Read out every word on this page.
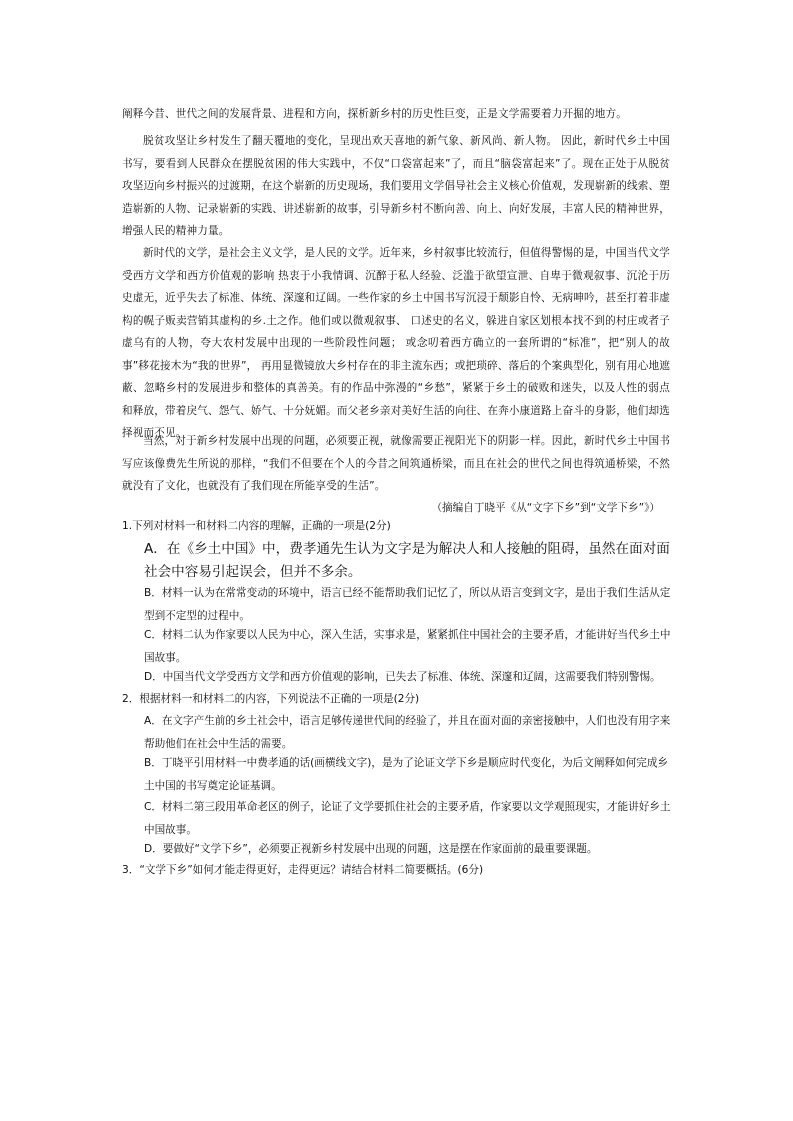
阐释今昔、世代之间的发展背景、进程和方向，探析新乡村的历史性巨变，正是文学需要着力开掘的地方。

脱贫攻坚让乡村发生了翻天覆地的变化，呈现出欢天喜地的新气象、新风尚、新人物。 因此，新时代乡土中国书写，要看到人民群众在摆脱贫困的伟大实践中，不仅“口袋富起来”了，而且“脑袋富起来”了。现在正处于从脱贫攻坚迈向乡村振兴的过渡期，在这个崭新的历史现场，我们要用文学倡导社会主义核心价值观，发现崭新的线索、塑造崭新的人物、记录崭新的实践、讲述崭新的故事，引导新乡村不断向善、向上、向好发展，丰富人民的精神世界，增强人民的精神力量。

新时代的文学，是社会主义文学，是人民的文学。近年来，乡村叙事比较流行，但值得警惕的是，中国当代文学受西方文学和西方价值观的影响 热衷于小我情调、沉醉于私人经验、泛滥于欲望宣泄、自卑于微观叙事、沉沦于历史虚无，近乎失去了标准、体统、深邃和辽阔。一些作家的乡土中国书写沉浸于颓影自怜、无病呻吟，甚至打着非虚构的幌子贩卖营销其虚构的乡.土之作。他们或以微观叙事、 口述史的名义，躲进自家区划根本找不到的村庄或者子虚乌有的人物，夸大农村发展中出现的一些阶段性问题； 或念叨着西方确立的一套所谓的“标准”，把“别人的故事”移花接木为“我的世界”， 再用显微镜放大乡村存在的非主流东西；或把琐碎、落后的个案典型化，别有用心地遮蔽、忽略乡村的发展进步和整体的真善美。有的作品中弥漫的“乡愁”，紧紧于乡土的破败和迷失，以及人性的弱点和释放，带着戾气、怨气、娇气、十分妩媚。而父老乡亲对美好生活的向往、在奔小康道路上奋斗的身影，他们却选择视而不见。

当然，对于新乡村发展中出现的问题，必须要正视，就像需要正视阳光下的阴影一样。因此，新时代乡土中国书写应该像费先生所说的那样，“我们不但要在个人的今昔之间筑通桥梁，而且在社会的世代之间也得筑通桥梁，不然就没有了文化，也就没有了我们现在所能享受的生活”。

（摘编自丁晓平《从“文字下乡”到“文学下乡”》）

1.下列对材料一和材料二内容的理解，正确的一项是(2分)

A．在《乡土中国》中，费孝通先生认为文字是为解决人和人接触的阻碍，虽然在面对面社会中容易引起误会，但并不多余。

B．材料一认为在常常变动的环境中，语言已经不能帮助我们记忆了，所以从语言变到文字，是出于我们生活从定型到不定型的过程中。

C．材料二认为作家要以人民为中心，深入生活，实事求是，紧紧抓住中国社会的主要矛盾，才能讲好当代乡土中国故事。

D．中国当代文学受西方文学和西方价值观的影响，已失去了标准、体统、深邃和辽阔，这需要我们特别警惕。

2．根据材料一和材料二的内容，下列说法不正确的一项是(2分)

A．在文字产生前的乡土社会中，语言足够传递世代间的经验了，并且在面对面的亲密接触中，人们也没有用字来帮助他们在社会中生活的需要。

B．丁晓平引用材料一中费孝通的话(画横线文字)，是为了论证文学下乡是顺应时代变化，为后文阐释如何完成乡土中国的书写奠定论证基调。

C．材料二第三段用革命老区的例子，论证了文学要抓住社会的主要矛盾，作家要以文学观照现实，才能讲好乡土中国故事。

D．要做好“文学下乡”，必须要正视新乡村发展中出现的问题，这是摆在作家面前的最重要课题。

3．“文学下乡”如何才能走得更好，走得更远？请结合材料二简要概括。(6分)
